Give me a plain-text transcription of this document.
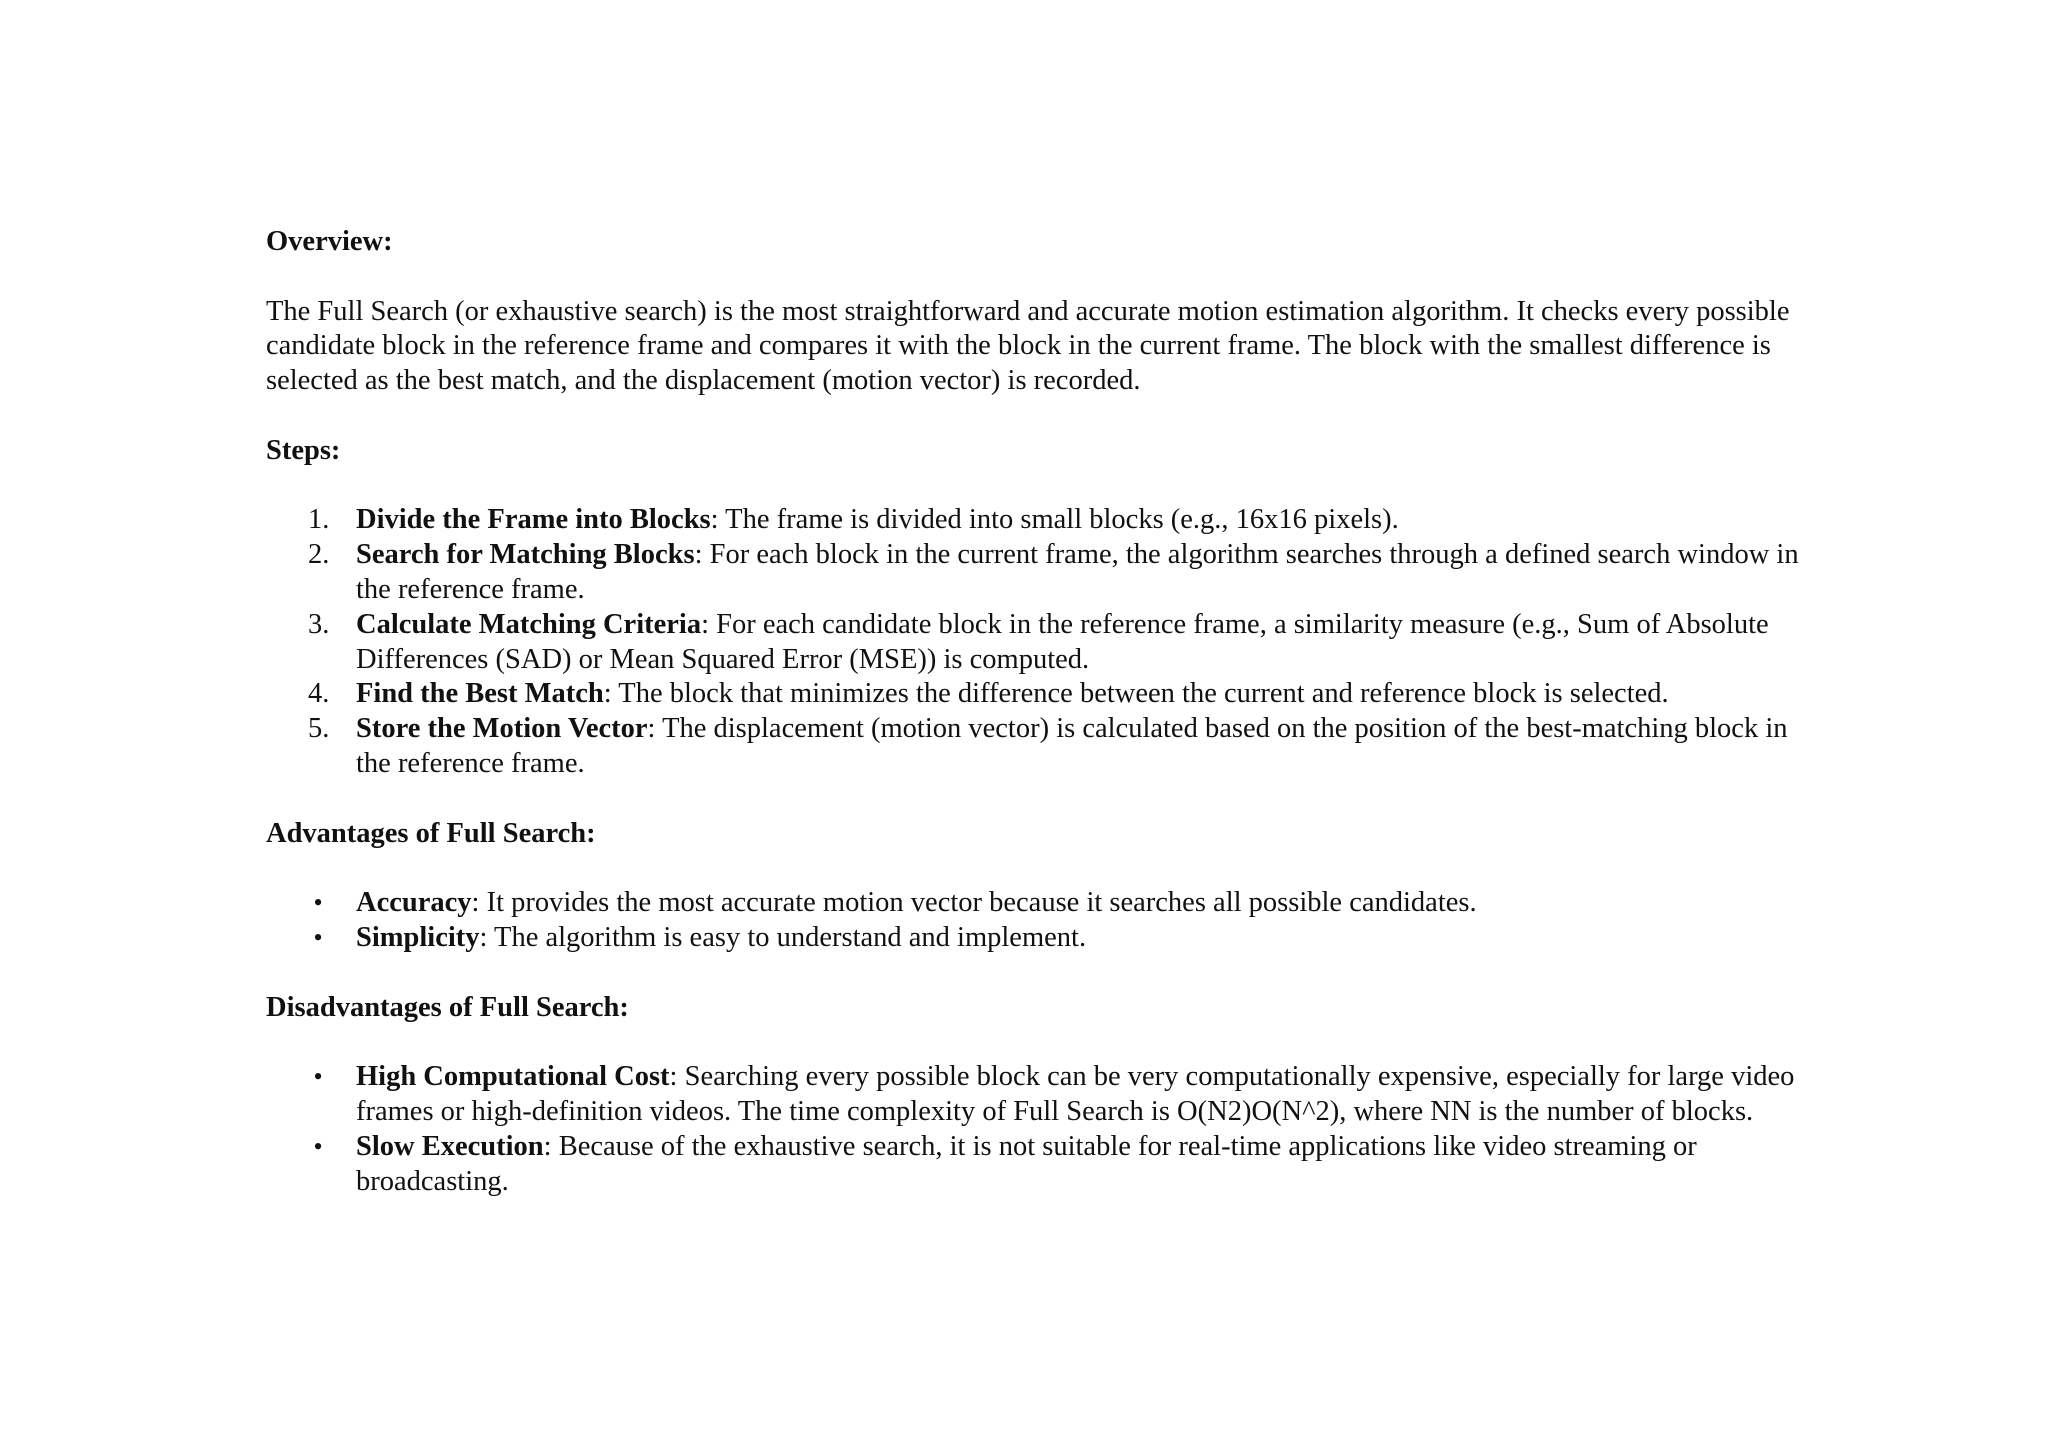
Overview:

The Full Search (or exhaustive search) is the most straightforward and accurate motion estimation algorithm. It checks every possible candidate block in the reference frame and compares it with the block in the current frame. The block with the smallest difference is selected as the best match, and the displacement (motion vector) is recorded.

Steps:

1. Divide the Frame into Blocks: The frame is divided into small blocks (e.g., 16x16 pixels).
2. Search for Matching Blocks: For each block in the current frame, the algorithm searches through a defined search window in the reference frame.
3. Calculate Matching Criteria: For each candidate block in the reference frame, a similarity measure (e.g., Sum of Absolute Differences (SAD) or Mean Squared Error (MSE)) is computed.
4. Find the Best Match: The block that minimizes the difference between the current and reference block is selected.
5. Store the Motion Vector: The displacement (motion vector) is calculated based on the position of the best-matching block in the reference frame.

Advantages of Full Search:

• Accuracy: It provides the most accurate motion vector because it searches all possible candidates.
• Simplicity: The algorithm is easy to understand and implement.

Disadvantages of Full Search:

• High Computational Cost: Searching every possible block can be very computationally expensive, especially for large video frames or high-definition videos. The time complexity of Full Search is O(N2)O(N^2), where NN is the number of blocks.
• Slow Execution: Because of the exhaustive search, it is not suitable for real-time applications like video streaming or broadcasting.
